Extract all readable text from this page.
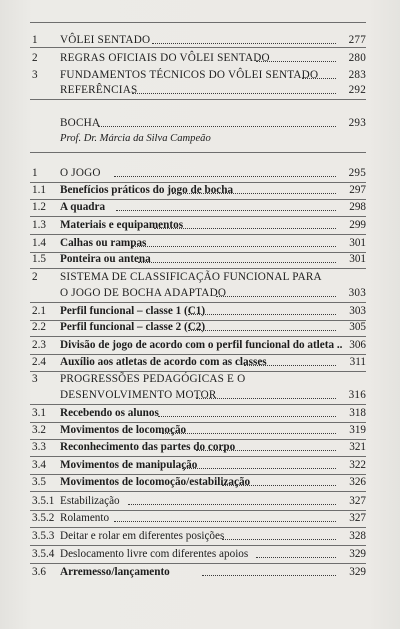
1 VÔLEI SENTADO	277
2 REGRAS OFICIAIS DO VÔLEI SENTADO	280
3 FUNDAMENTOS TÉCNICOS DO VÔLEI SENTADO	283
REFERÊNCIAS	292
BOCHA	293
Prof. Dr. Márcia da Silva Campeão
1 O JOGO	295
1.1 Benefícios práticos do jogo de bocha	297
1.2 A quadra	298
1.3 Materiais e equipamentos	299
1.4 Calhas ou rampas	301
1.5 Ponteira ou antena	301
2 SISTEMA DE CLASSIFICAÇÃO FUNCIONAL PARA
O JOGO DE BOCHA ADAPTADO	303
2.1 Perfil funcional – classe 1 (C1)	303
2.2 Perfil funcional – classe 2 (C2)	305
2.3 Divisão de jogo de acordo com o perfil funcional do atleta .. 306
2.4 Auxílio aos atletas de acordo com as classes	311
3 PROGRESSÕES PEDAGÓGICAS E O
DESENVOLVIMENTO MOTOR	316
3.1 Recebendo os alunos	318
3.2 Movimentos de locomoção	319
3.3 Reconhecimento das partes do corpo	321
3.4 Movimentos de manipulação	322
3.5 Movimentos de locomoção/estabilização	326
3.5.1 Estabilização	327
3.5.2 Rolamento	327
3.5.3 Deitar e rolar em diferentes posições	328
3.5.4 Deslocamento livre com diferentes apoios	329
3.6 Arremesso/lançamento	329
